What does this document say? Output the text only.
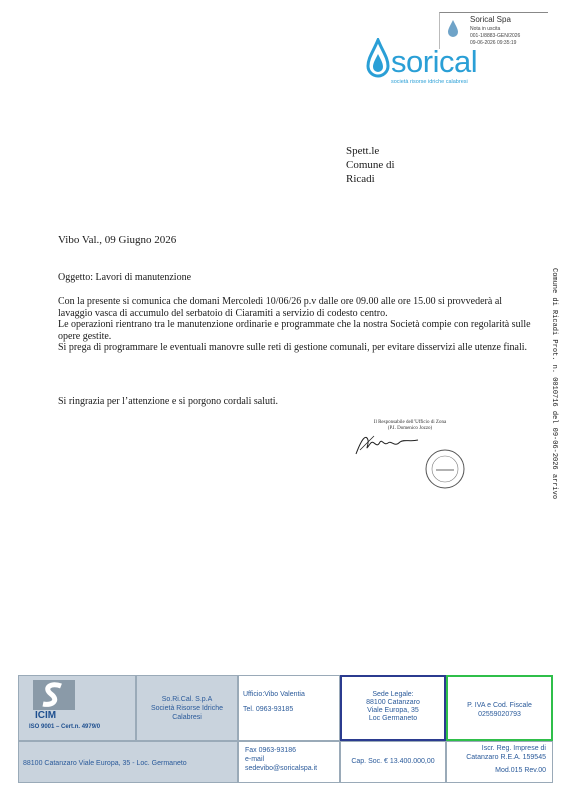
Sorical Spa
Nota in uscita
001-1/8883-GEN/2026
09-06-2026 09:35:19
sorical
società risorse idriche calabresi
Spett.le
Comune di
Ricadi
Vibo Val., 09 Giugno 2026
Oggetto: Lavori di manutenzione

Con la presente si comunica che domani Mercoledì 10/06/26 p.v dalle ore 09.00 alle ore 15.00 si provvederà al lavaggio vasca di accumulo del serbatoio di Ciaramiti a servizio di codesto centro.

Le operazioni rientrano tra le manutenzione ordinarie e programmate che la nostra Società compie con regolarità sulle opere gestite.

Si prega di programmare le eventuali manovre sulle reti di gestione comunali, per evitare disservizi alle utenze finali.

Si ringrazia per l’attenzione e si porgono cordali saluti.
Il Responsabile dell’Ufficio di Zona
(P.I. Domenico Jozzo)	Comune di Ricadi Prot. n. 0010716 del 09-06-2026 arrivo
ICIM
ISO 9001 – Cert.n. 4979/0
So.Ri.Cal. S.p.A
Società Risorse Idriche
Calabresi
Ufficio:Vibo Valentia
Tel. 0963-93185
Sede Legale:
88100 Catanzaro
Viale Europa, 35
Loc Germaneto
P. IVA e Cod. Fiscale
02559020793
88100 Catanzaro Viale Europa, 35 - Loc. Germaneto
Fax 0963-93186
e-mail
sedevibo@soricalspa.it
Cap. Soc. € 13.400.000,00
Iscr. Reg. Imprese di
Catanzaro R.E.A. 159545
Mod.015 Rev.00
